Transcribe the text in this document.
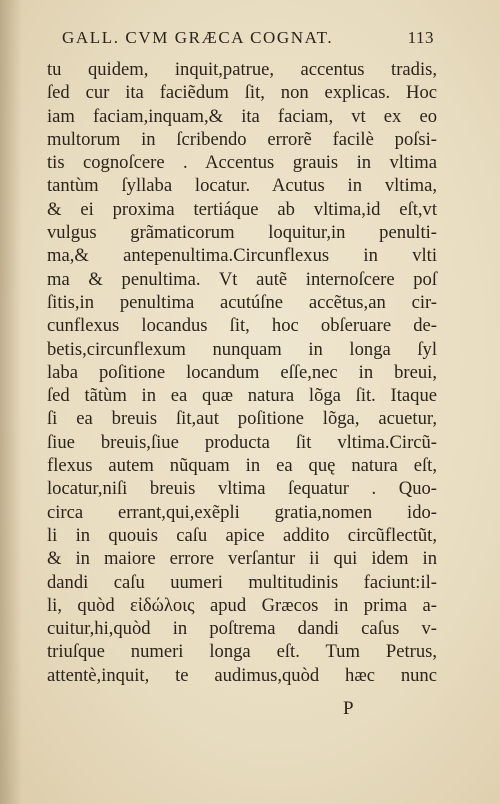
GALL. CVM GRÆCA COGNAT.	113
tu quidem, inquit,patrue, accentus tradis,
ſed cur ita faciẽdum ſit, non explicas. Hoc
iam faciam,inquam,& ita faciam, vt ex eo
multorum in ſcribendo errorẽ facilè poſsi-
tis cognoſcere . Accentus grauis in vltima
tantùm ſyllaba locatur. Acutus in vltima,
& ei proxima tertiáque ab vltima,id eſt,vt
vulgus grãmaticorum loquitur,in penulti-
ma,& antepenultima.Circunflexus in vlti
ma & penultima. Vt autẽ internoſcere poſ
ſitis,in penultima acutúſne accẽtus,an cir-
cunflexus locandus ſit, hoc obſeruare de-
betis,circunflexum nunquam in longa ſyl
laba poſitione locandum eſſe,nec in breui,
ſed tãtùm in ea quæ natura lõga ſit. Itaque
ſi ea breuis ſit,aut poſitione lõga, acuetur,
ſiue breuis,ſiue producta ſit vltima.Circũ-
flexus autem nũquam in ea quę natura eſt,
locatur,niſi breuis vltima ſequatur . Quo-
circa errant,qui,exẽpli gratia,nomen ido-
li in quouis caſu apice addito circũflectũt,
& in maiore errore verſantur ii qui idem in
dandi caſu uumeri multitudinis faciunt:il-
li, quòd εἰδώλοις apud Græcos in prima a-
cuitur,hi,quòd in poſtrema dandi caſus v-
triuſque numeri longa eſt. Tum Petrus,
attentè,inquit, te audimus,quòd hæc nunc
P
